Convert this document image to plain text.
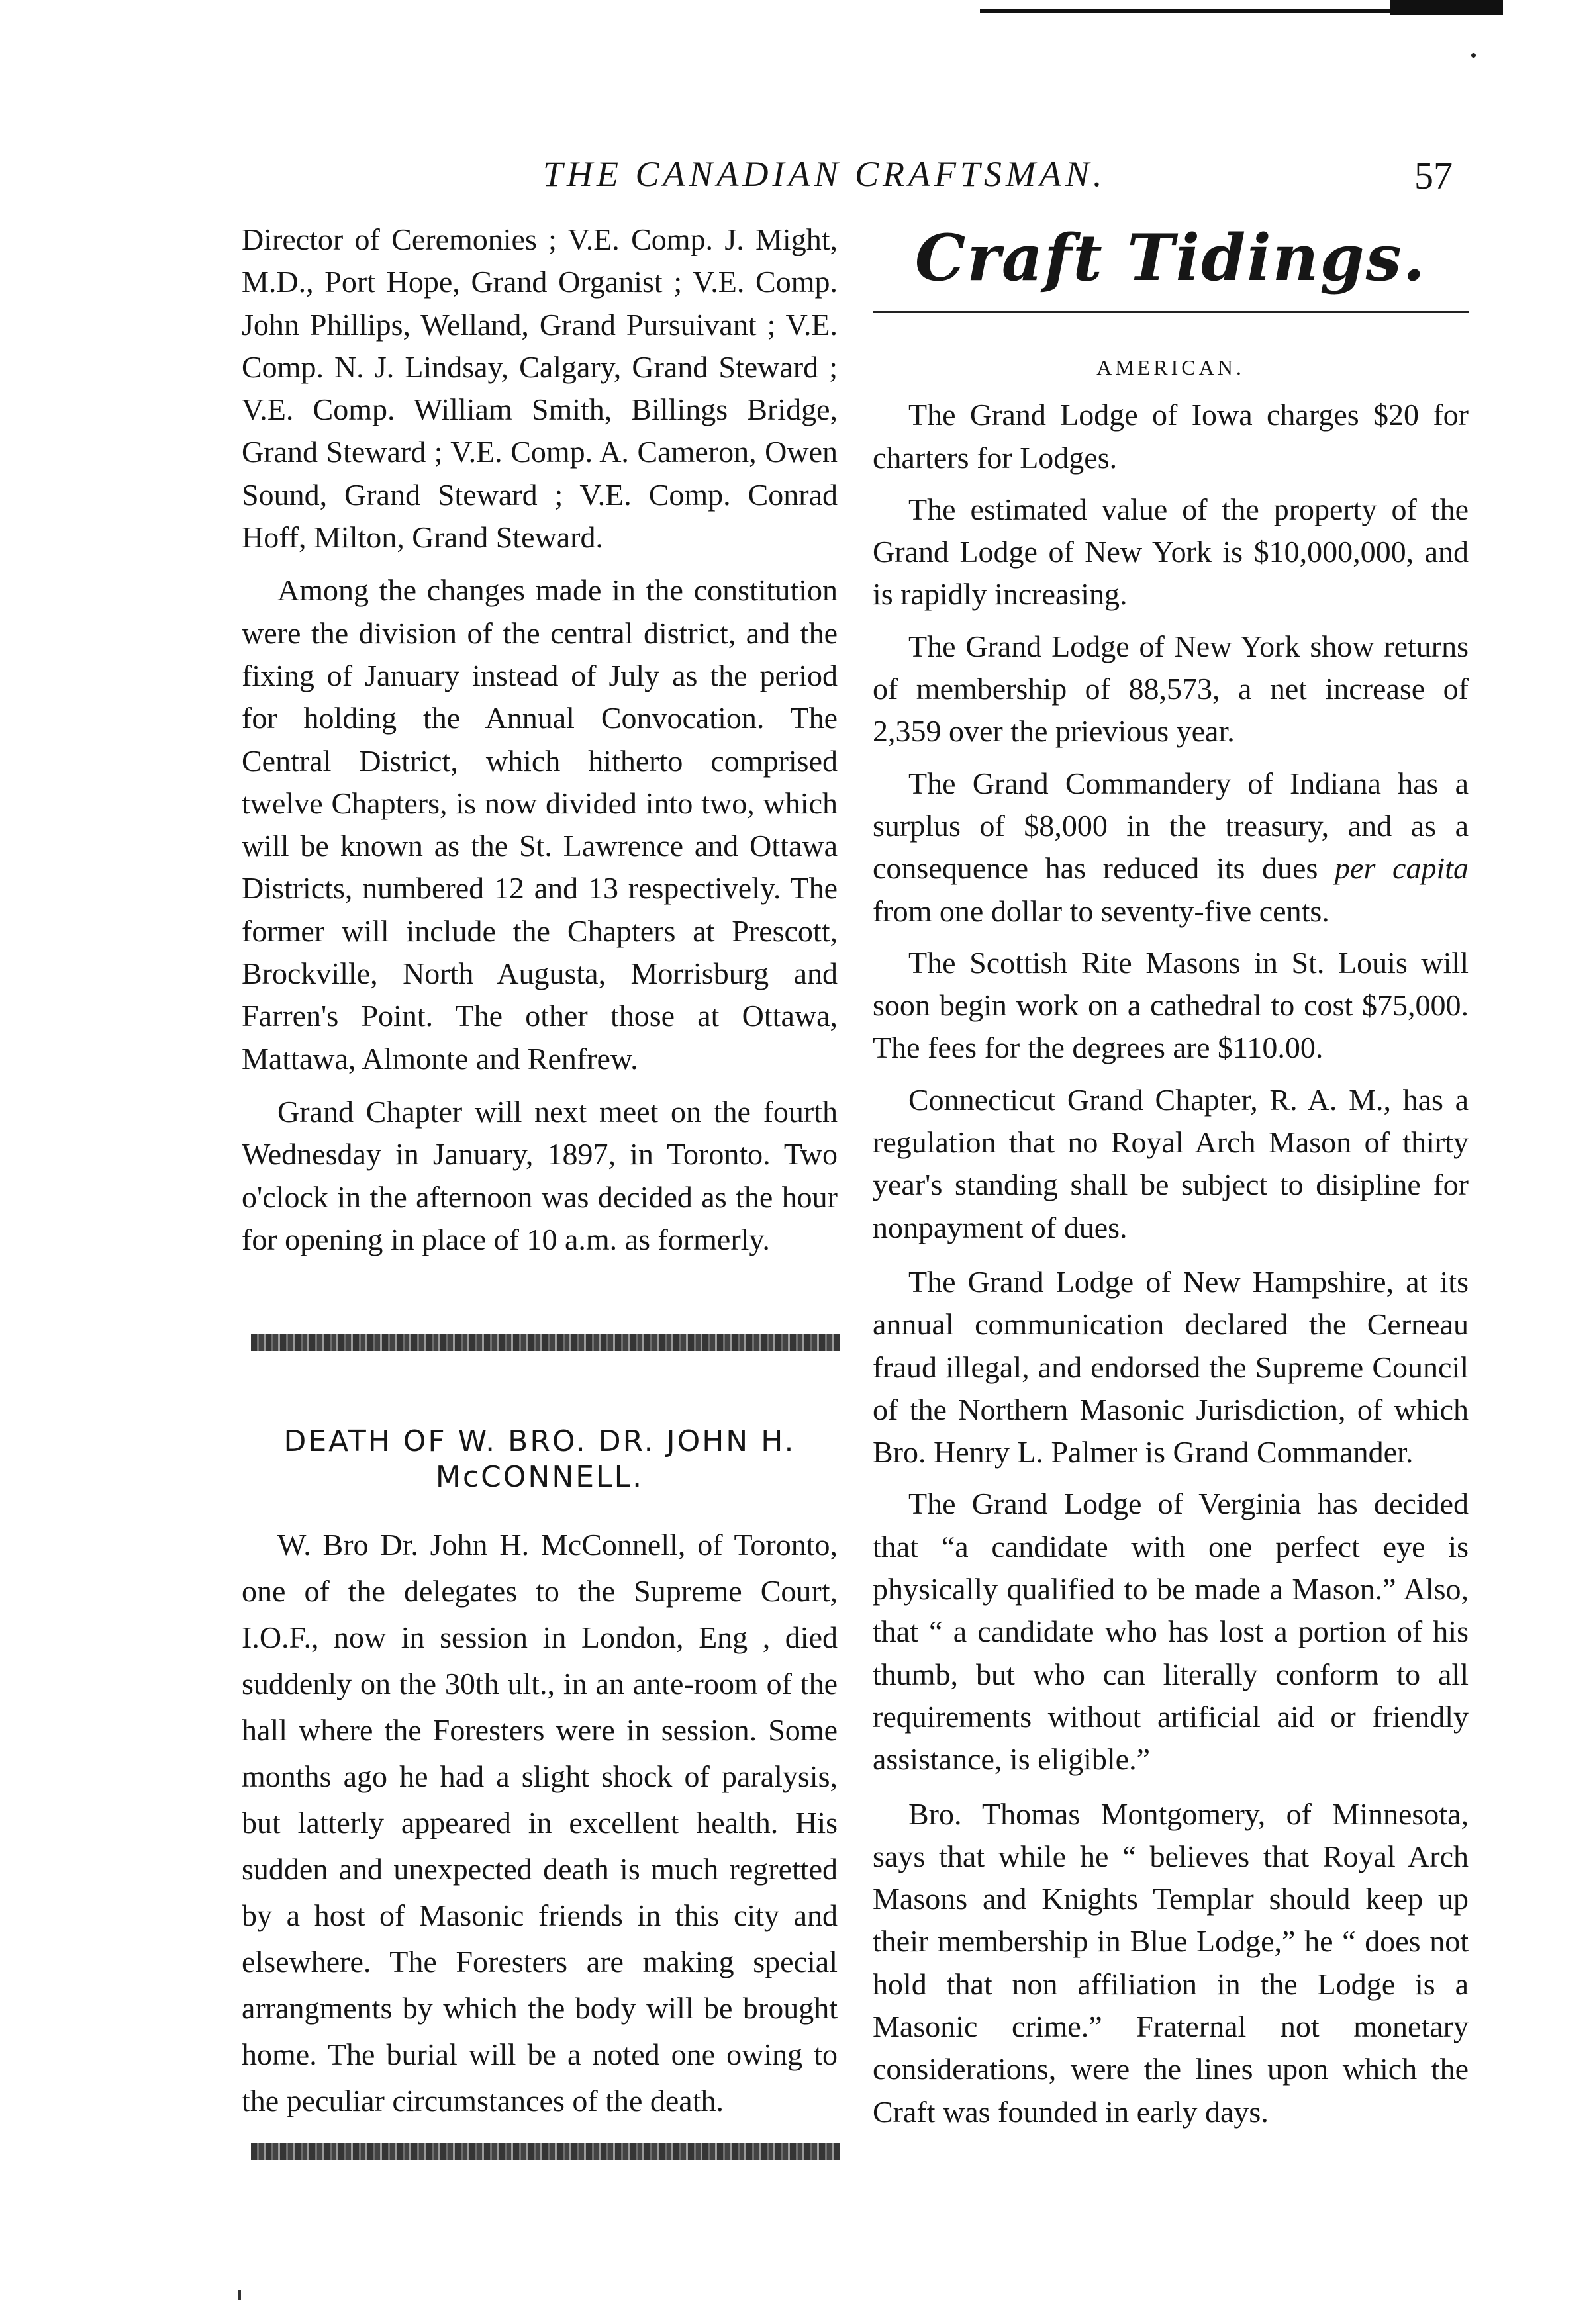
THE CANADIAN CRAFTSMAN.	57

Director of Ceremonies ; V.E. Comp. J. Might, M.D., Port Hope, Grand Organist ; V.E. Comp. John Phillips, Welland, Grand Pursuivant ; V.E. Comp. N. J. Lindsay, Calgary, Grand Steward ; V.E. Comp. William Smith, Billings Bridge, Grand Steward ; V.E. Comp. A. Cameron, Owen Sound, Grand Steward ; V.E. Comp. Conrad Hoff, Milton, Grand Steward.

Among the changes made in the constitution were the division of the central district, and the fixing of January instead of July as the period for holding the Annual Convocation. The Central District, which hitherto comprised twelve Chapters, is now divided into two, which will be known as the St. Lawrence and Ottawa Districts, numbered 12 and 13 respectively. The former will include the Chapters at Prescott, Brockville, North Augusta, Morrisburg and Farren's Point. The other those at Ottawa, Mattawa, Almonte and Renfrew.

Grand Chapter will next meet on the fourth Wednesday in January, 1897, in Toronto. Two o'clock in the afternoon was decided as the hour for opening in place of 10 a.m. as formerly.

DEATH OF W. BRO. DR. JOHN H. McCONNELL.

W. Bro Dr. John H. McConnell, of Toronto, one of the delegates to the Supreme Court, I.O.F., now in session in London, Eng , died suddenly on the 30th ult., in an ante-room of the hall where the Foresters were in session. Some months ago he had a slight shock of paralysis, but latterly appeared in excellent health. His sudden and unexpected death is much regretted by a host of Masonic friends in this city and elsewhere. The Foresters are making special arrangments by which the body will be brought home. The burial will be a noted one owing to the peculiar circumstances of the death.

Craft Tidings.

AMERICAN.

The Grand Lodge of Iowa charges $20 for charters for Lodges.

The estimated value of the property of the Grand Lodge of New York is $10,000,000, and is rapidly increasing.

The Grand Lodge of New York show returns of membership of 88,573, a net increase of 2,359 over the prievious year.

The Grand Commandery of Indiana has a surplus of $8,000 in the treasury, and as a consequence has reduced its dues per capita from one dollar to seventy-five cents.

The Scottish Rite Masons in St. Louis will soon begin work on a cathedral to cost $75,000. The fees for the degrees are $110.00.

Connecticut Grand Chapter, R. A. M., has a regulation that no Royal Arch Mason of thirty year's standing shall be subject to disipline for nonpayment of dues.

The Grand Lodge of New Hampshire, at its annual communication declared the Cerneau fraud illegal, and endorsed the Supreme Council of the Northern Masonic Jurisdiction, of which Bro. Henry L. Palmer is Grand Commander.

The Grand Lodge of Verginia has decided that “a candidate with one perfect eye is physically qualified to be made a Mason.” Also, that “ a candidate who has lost a portion of his thumb, but who can literally conform to all requirements without artificial aid or friendly assistance, is eligible.”

Bro. Thomas Montgomery, of Minnesota, says that while he “ believes that Royal Arch Masons and Knights Templar should keep up their membership in Blue Lodge,” he “ does not hold that non affiliation in the Lodge is a Masonic crime.” Fraternal not monetary considerations, were the lines upon which the Craft was founded in early days.
